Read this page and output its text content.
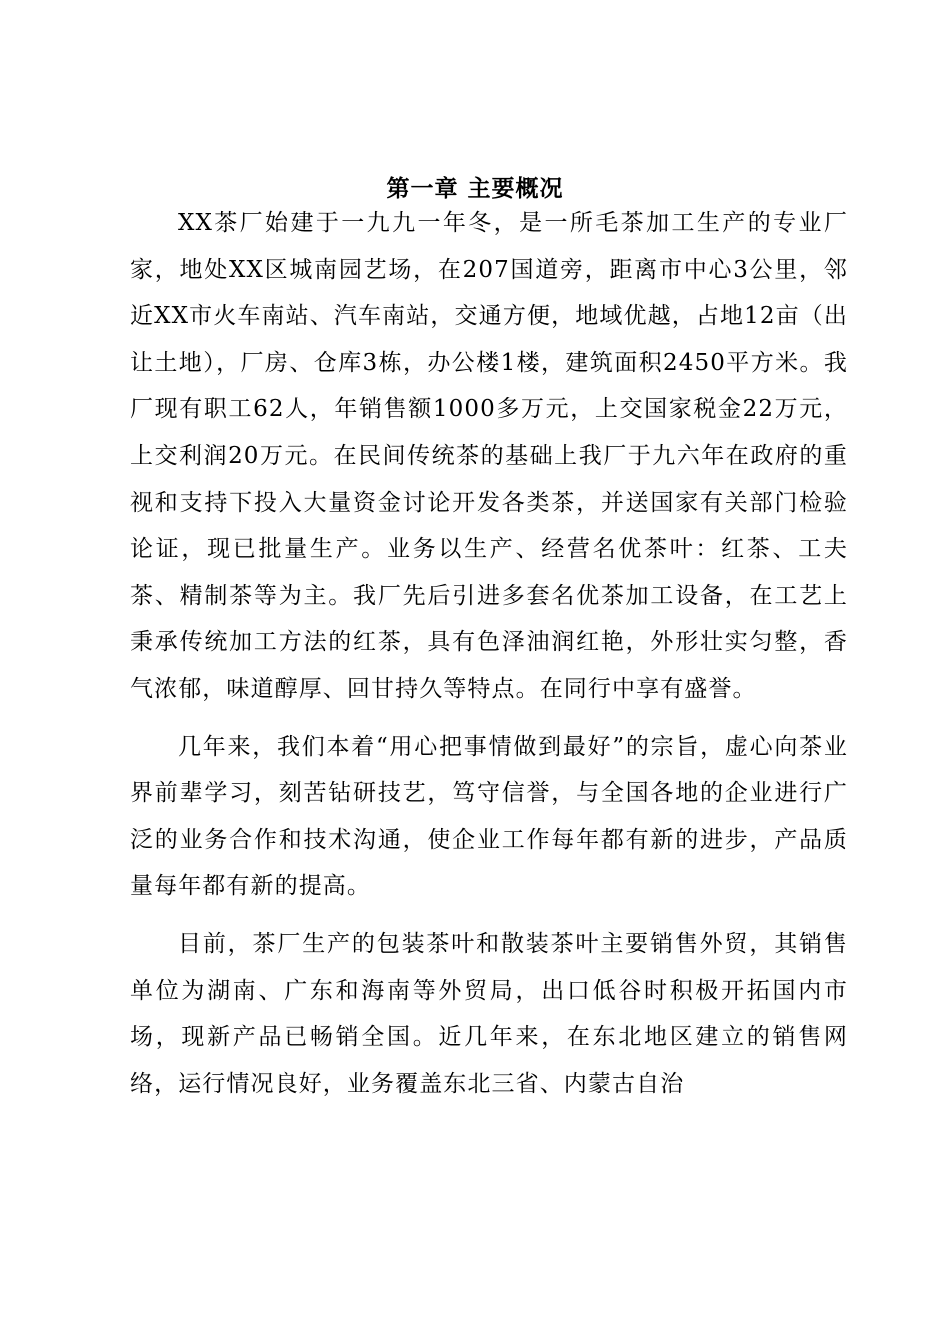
第一章 主要概况

XX茶厂始建于一九九一年冬，是一所毛茶加工生产的专业厂家，地处XX区城南园艺场，在207国道旁，距离市中心3公里，邻近XX市火车南站、汽车南站，交通方便，地域优越，占地12亩（出让土地），厂房、仓库3栋，办公楼1楼，建筑面积2450平方米。我厂现有职工62人，年销售额1000多万元，上交国家税金22万元，上交利润20万元。在民间传统茶的基础上我厂于九六年在政府的重视和支持下投入大量资金讨论开发各类茶，并送国家有关部门检验论证，现已批量生产。业务以生产、经营名优茶叶：红茶、工夫茶、精制茶等为主。我厂先后引进多套名优茶加工设备，在工艺上秉承传统加工方法的红茶，具有色泽油润红艳，外形壮实匀整，香气浓郁，味道醇厚、回甘持久等特点。在同行中享有盛誉。

几年来，我们本着“用心把事情做到最好”的宗旨，虚心向茶业界前辈学习，刻苦钻研技艺，笃守信誉，与全国各地的企业进行广泛的业务合作和技术沟通，使企业工作每年都有新的进步，产品质量每年都有新的提高。

目前，茶厂生产的包装茶叶和散装茶叶主要销售外贸，其销售单位为湖南、广东和海南等外贸局，出口低谷时积极开拓国内市场，现新产品已畅销全国。近几年来，在东北地区建立的销售网络，运行情况良好，业务覆盖东北三省、内蒙古自治
